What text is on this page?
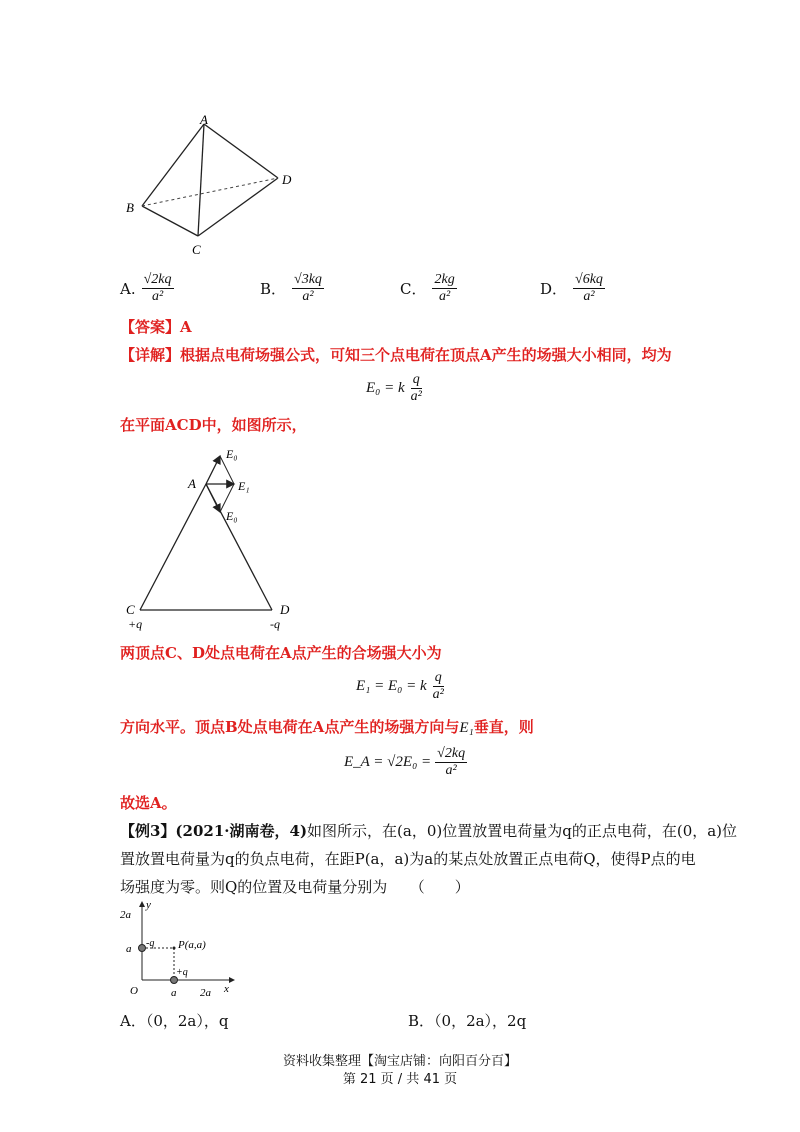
A
B
C
D
A. $\frac{√2kq}{\text{a²}}$	B． $\frac{√3kq}{\text{a²}}$	C． $\frac{2kg}{\text{a²}}$	D． $\frac{√6kq}{\text{a²}}$
【答案】A
【详解】根据点电荷场强公式，可知三个点电荷在顶点A产生的场强大小相同，均为
E₀ = k $\frac{q}{\text{a²}}$
在平面ACD中，如图所示，
E₀
A	E₁
E₀
C
+q
D
-q
两顶点C、D处点电荷在A点产生的合场强大小为
E₁ = E₀ = k $\frac{q}{\text{a²}}$
方向水平。顶点B处点电荷在A点产生的场强方向与E₁垂直，则
E_A = $√2E_0 = \frac{√2kq}{\text{a²}}$
故选A。
【例3】(2021·湖南卷，4)如图所示，在(a，0)位置放置电荷量为q的正点电荷，在(0，a)位
置放置电荷量为q的负点电荷，在距P(a，a)为a的某点处放置正点电荷Q，使得P点的电
场强度为零。则Q的位置及电荷量分别为　　（　　）
y
2a
a -q P(a,a)
+q
O	a 2a x
A．（0，2a），q	B．（0，2a），2q
资料收集整理【淘宝店铺：向阳百分百】
第 21 页 / 共 41 页
